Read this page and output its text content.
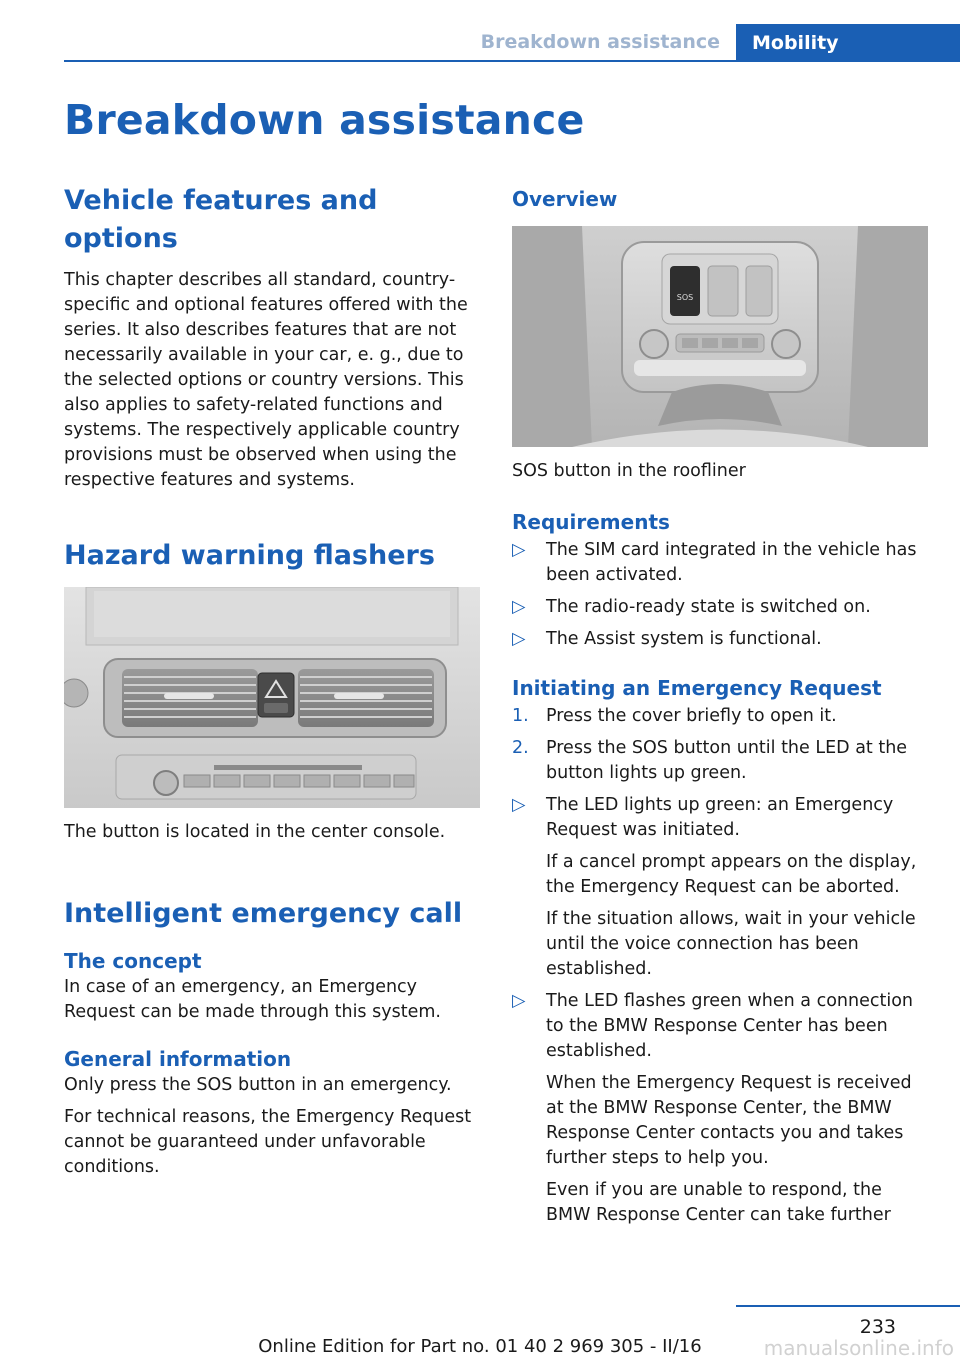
Breakdown assistance	Mobility
Breakdown assistance
Vehicle features and options

This chapter describes all standard, country-specific and optional features offered with the series. It also describes features that are not necessarily available in your car, e. g., due to the selected options or country versions. This also applies to safety-related functions and systems. The respectively applicable country provisions must be observed when using the respective features and systems.

Hazard warning flashers

The button is located in the center console.

Intelligent emergency call
The concept

In case of an emergency, an Emergency Request can be made through this system.

General information

Only press the SOS button in an emergency.

For technical reasons, the Emergency Request cannot be guaranteed under unfavorable conditions.

Overview
SOS

SOS button in the roofliner

Requirements
▷ The SIM card integrated in the vehicle has been activated.
▷ The radio-ready state is switched on.
▷ The Assist system is functional.
Initiating an Emergency Request
1. Press the cover briefly to open it.
2. Press the SOS button until the LED at the button lights up green.
▷ The LED lights up green: an Emergency Request was initiated.

If a cancel prompt appears on the display, the Emergency Request can be aborted.

If the situation allows, wait in your vehicle until the voice connection has been established.

▷ The LED flashes green when a connection to the BMW Response Center has been established.

When the Emergency Request is received at the BMW Response Center, the BMW Response Center contacts you and takes further steps to help you.

Even if you are unable to respond, the BMW Response Center can take further

233
Online Edition for Part no. 01 40 2 969 305 - II/16	manualsonline.info
